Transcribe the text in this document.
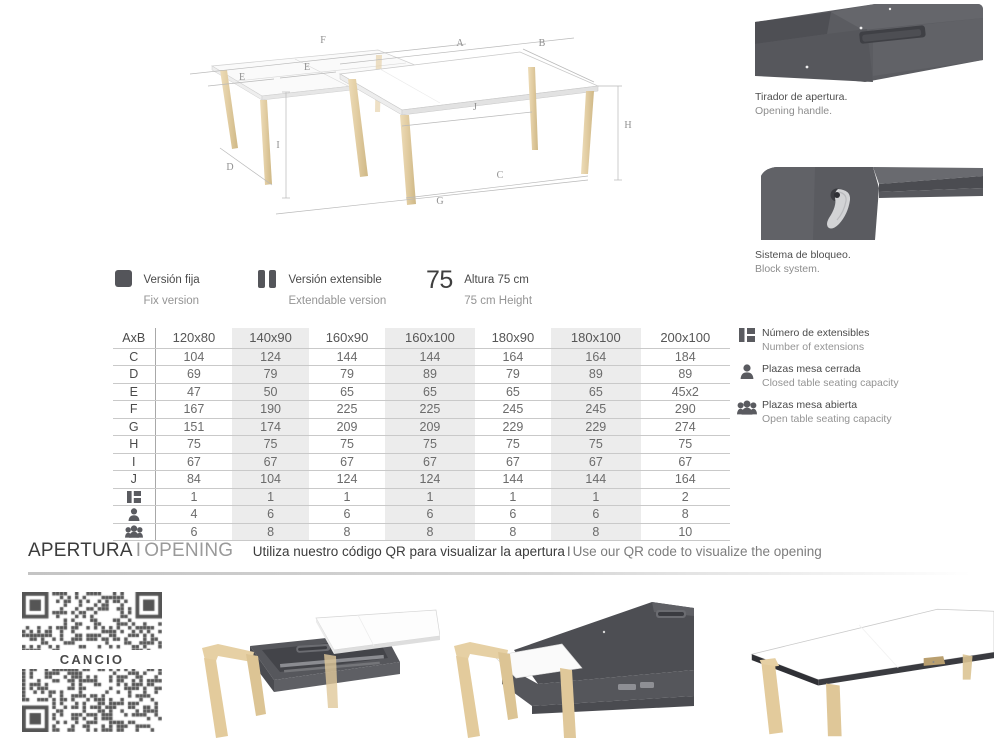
F	A	B
E
E
J
H
I
D
C
G
Tirador de apertura.
Opening handle.
Sistema de bloqueo.
Block system.
Versión fija
Fix version
Versión extensible
Extendable version
75 Altura 75 cm
75 cm Height
AxB	120x80	140x90	160x90	160x100	180x90	180x100	200x100
C	104	124	144	144	164	164	184
D	69	79	79	89	79	89	89
E	47	50	65	65	65	65	45x2
F	167	190	225	225	245	245	290
G	151	174	209	209	229	229	274
H	75	75	75	75	75	75	75
I	67	67	67	67	67	67	67
J	84	104	124	124	144	144	164
	1	1	1	1	1	1	2
	4	6	6	6	6	6	8
	6	8	8	8	8	8	10
Número de extensibles
Number of extensions
Plazas mesa cerrada
Closed table seating capacity
Plazas mesa abierta
Open table seating capacity
APERTURA I OPENING Utiliza nuestro código QR para visualizar la apertura I Use our QR code to visualize the opening
CANCIO
